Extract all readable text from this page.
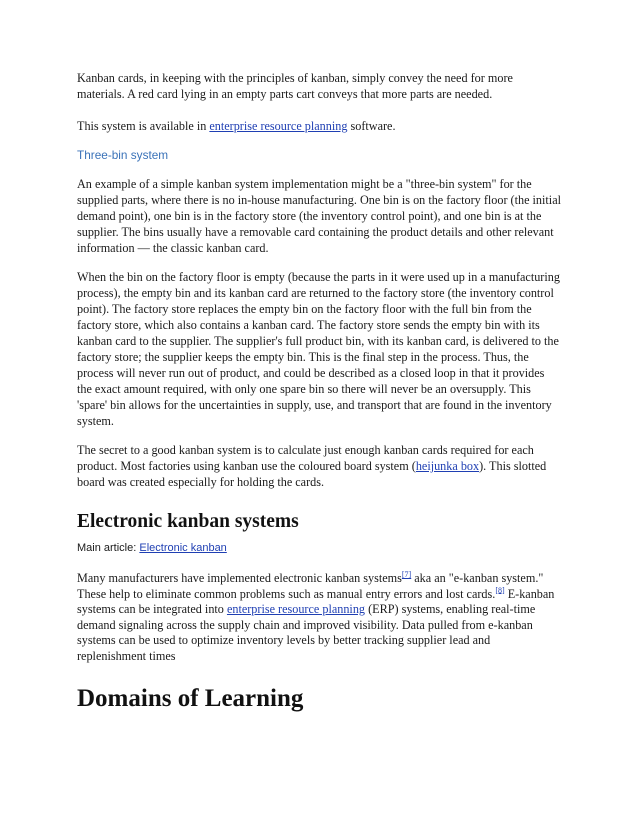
Kanban cards, in keeping with the principles of kanban, simply convey the need for more materials. A red card lying in an empty parts cart conveys that more parts are needed.

This system is available in enterprise resource planning software.

Three-bin system

An example of a simple kanban system implementation might be a "three-bin system" for the supplied parts, where there is no in-house manufacturing. One bin is on the factory floor (the initial demand point), one bin is in the factory store (the inventory control point), and one bin is at the supplier. The bins usually have a removable card containing the product details and other relevant information — the classic kanban card.

When the bin on the factory floor is empty (because the parts in it were used up in a manufacturing process), the empty bin and its kanban card are returned to the factory store (the inventory control point). The factory store replaces the empty bin on the factory floor with the full bin from the factory store, which also contains a kanban card. The factory store sends the empty bin with its kanban card to the supplier. The supplier's full product bin, with its kanban card, is delivered to the factory store; the supplier keeps the empty bin. This is the final step in the process. Thus, the process will never run out of product, and could be described as a closed loop in that it provides the exact amount required, with only one spare bin so there will never be an oversupply. This 'spare' bin allows for the uncertainties in supply, use, and transport that are found in the inventory system.

The secret to a good kanban system is to calculate just enough kanban cards required for each product. Most factories using kanban use the coloured board system (heijunka box). This slotted board was created especially for holding the cards.

Electronic kanban systems

Main article: Electronic kanban

Many manufacturers have implemented electronic kanban systems[7] aka an "e-kanban system." These help to eliminate common problems such as manual entry errors and lost cards.[8] E-kanban systems can be integrated into enterprise resource planning (ERP) systems, enabling real-time demand signaling across the supply chain and improved visibility. Data pulled from e-kanban systems can be used to optimize inventory levels by better tracking supplier lead and replenishment times

Domains of Learning
